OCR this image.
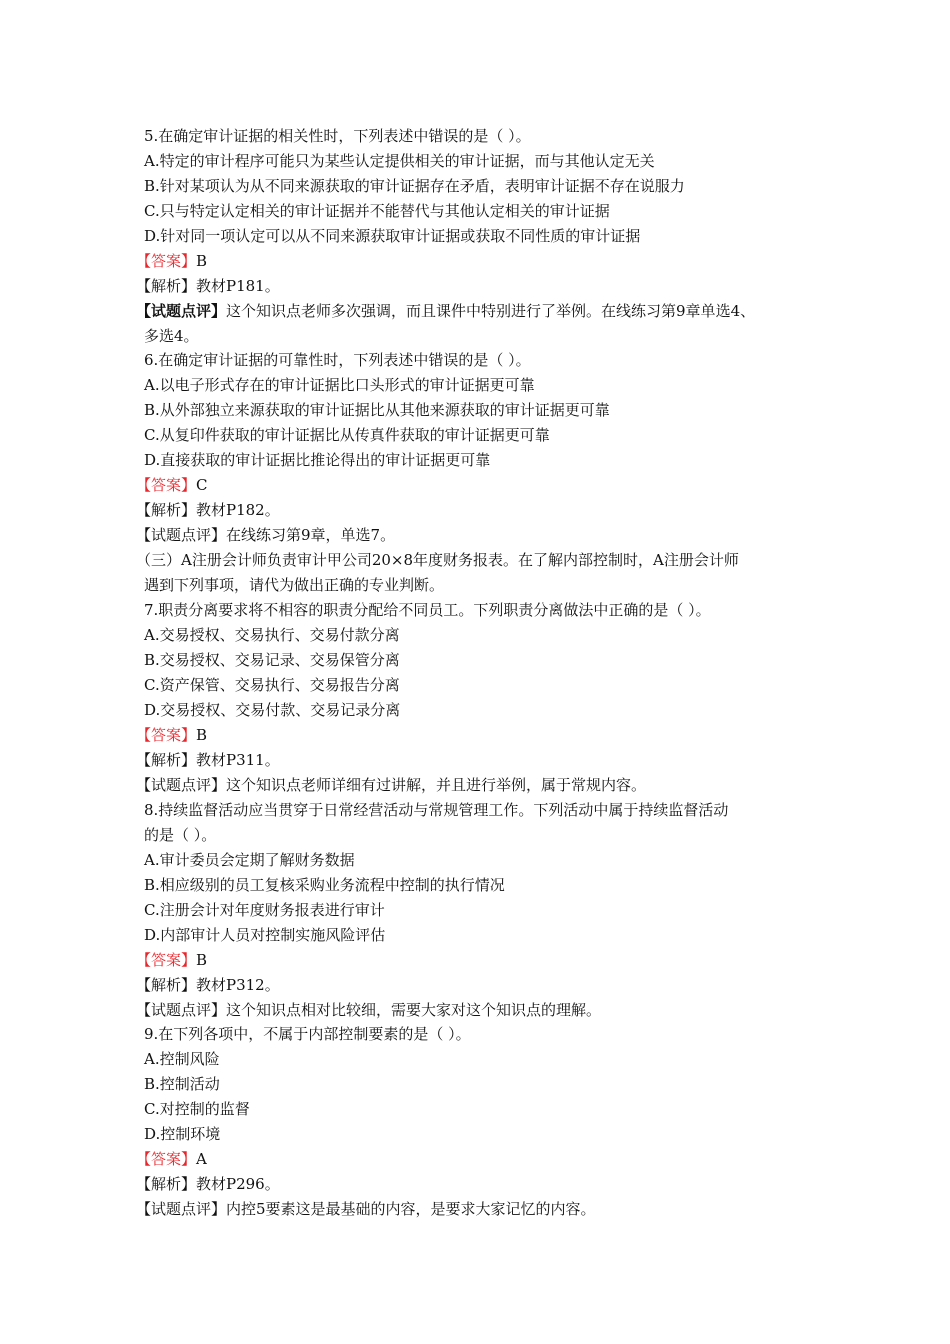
5.在确定审计证据的相关性时，下列表述中错误的是（ ）。
A.特定的审计程序可能只为某些认定提供相关的审计证据，而与其他认定无关
B.针对某项认为从不同来源获取的审计证据存在矛盾，表明审计证据不存在说服力
C.只与特定认定相关的审计证据并不能替代与其他认定相关的审计证据
D.针对同一项认定可以从不同来源获取审计证据或获取不同性质的审计证据
【答案】B
【解析】教材P181。
【试题点评】这个知识点老师多次强调，而且课件中特别进行了举例。在线练习第9章单选4、
多选4。
6.在确定审计证据的可靠性时，下列表述中错误的是（ ）。
A.以电子形式存在的审计证据比口头形式的审计证据更可靠
B.从外部独立来源获取的审计证据比从其他来源获取的审计证据更可靠
C.从复印件获取的审计证据比从传真件获取的审计证据更可靠
D.直接获取的审计证据比推论得出的审计证据更可靠
【答案】C
【解析】教材P182。
【试题点评】在线练习第9章，单选7。
（三）A注册会计师负责审计甲公司20×8年度财务报表。在了解内部控制时，A注册会计师
遇到下列事项，请代为做出正确的专业判断。
7.职责分离要求将不相容的职责分配给不同员工。下列职责分离做法中正确的是（ ）。
A.交易授权、交易执行、交易付款分离
B.交易授权、交易记录、交易保管分离
C.资产保管、交易执行、交易报告分离
D.交易授权、交易付款、交易记录分离
【答案】B
【解析】教材P311。
【试题点评】这个知识点老师详细有过讲解，并且进行举例，属于常规内容。
8.持续监督活动应当贯穿于日常经营活动与常规管理工作。下列活动中属于持续监督活动
的是（ ）。
A.审计委员会定期了解财务数据
B.相应级别的员工复核采购业务流程中控制的执行情况
C.注册会计对年度财务报表进行审计
D.内部审计人员对控制实施风险评估
【答案】B
【解析】教材P312。
【试题点评】这个知识点相对比较细，需要大家对这个知识点的理解。
9.在下列各项中，不属于内部控制要素的是（ ）。
A.控制风险
B.控制活动
C.对控制的监督
D.控制环境
【答案】A
【解析】教材P296。
【试题点评】内控5要素这是最基础的内容，是要求大家记忆的内容。
